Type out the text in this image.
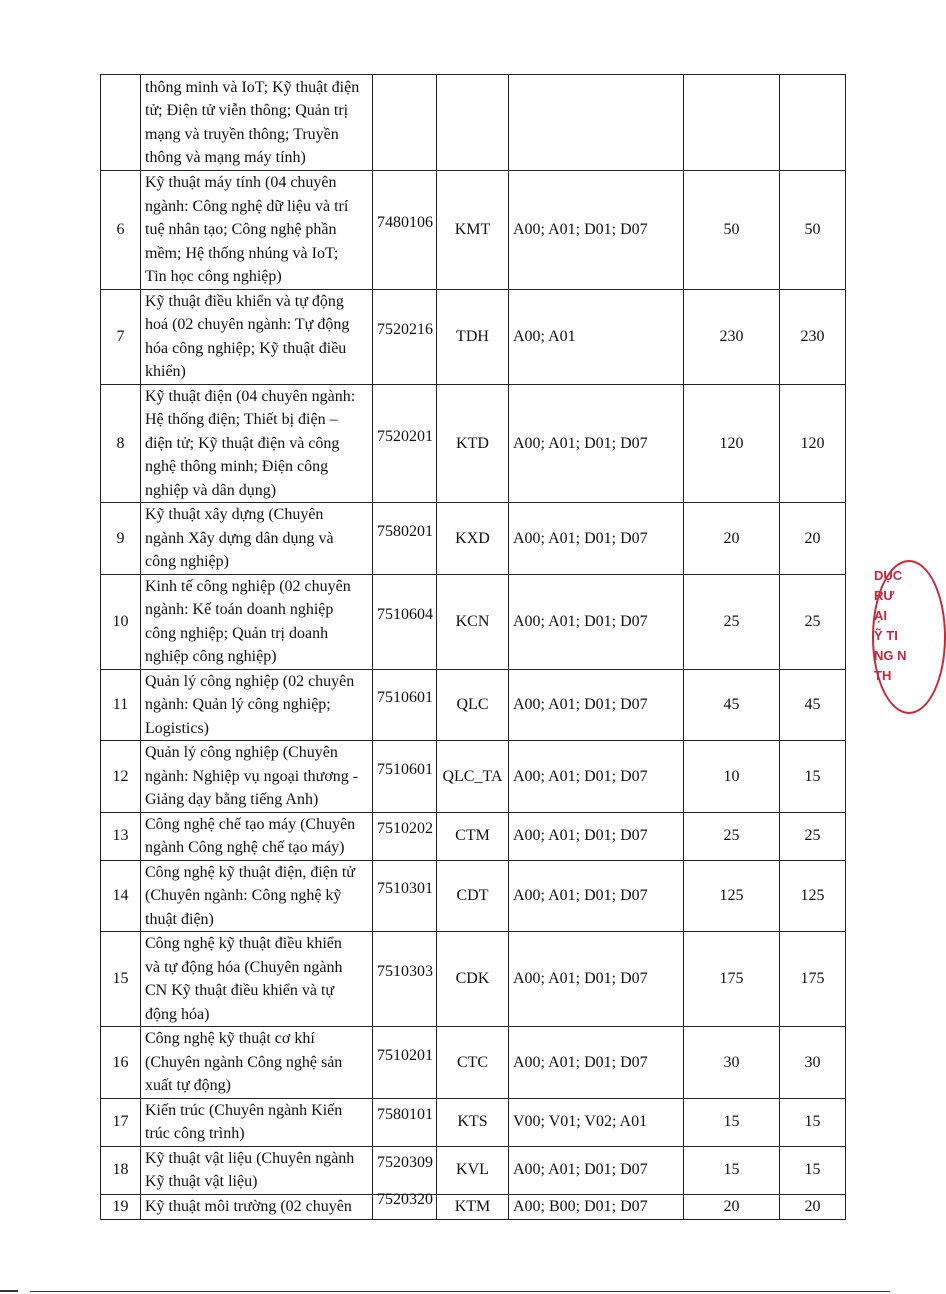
	thông minh và IoT; Kỹ thuật điện
tử; Điện tử viễn thông; Quản trị
mạng và truyền thông; Truyền
thông và mạng máy tính)					

6	Kỹ thuật máy tính (04 chuyên
ngành: Công nghệ dữ liệu và trí
tuệ nhân tạo; Công nghệ phần
mềm; Hệ thống nhúng và IoT;
Tin học công nghiệp)	7480106	KMT	A00; A01; D01; D07	50	50
7	Kỹ thuật điều khiển và tự động
hoá (02 chuyên ngành: Tự động
hóa công nghiệp; Kỹ thuật điều
khiển)	7520216	TDH	A00; A01	230	230
8	Kỹ thuật điện (04 chuyên ngành:
Hệ thống điện; Thiết bị điện –
điện tử; Kỹ thuật điện và công
nghệ thông minh; Điện công
nghiệp và dân dụng)	7520201	KTD	A00; A01; D01; D07	120	120
9	Kỹ thuật xây dựng (Chuyên
ngành Xây dựng dân dụng và
công nghiệp)	7580201	KXD	A00; A01; D01; D07	20	20
10	Kinh tế công nghiệp (02 chuyên
ngành: Kế toán doanh nghiệp
công nghiệp; Quản trị doanh
nghiệp công nghiệp)	7510604	KCN	A00; A01; D01; D07	25	25
11	Quản lý công nghiệp (02 chuyên
ngành: Quản lý công nghiệp;
Logistics)	7510601	QLC	A00; A01; D01; D07	45	45
12	Quản lý công nghiệp (Chuyên
ngành: Nghiệp vụ ngoại thương -
Giảng dạy bằng tiếng Anh)	7510601	QLC_TA	A00; A01; D01; D07	10	15
13	Công nghệ chế tạo máy (Chuyên
ngành Công nghệ chế tạo máy)	7510202	CTM	A00; A01; D01; D07	25	25
14	Công nghệ kỹ thuật điện, điện tử
(Chuyên ngành: Công nghệ kỹ
thuật điện)	7510301	CDT	A00; A01; D01; D07	125	125
15	Công nghệ kỹ thuật điều khiển
và tự động hóa (Chuyên ngành
CN Kỹ thuật điều khiển và tự
động hóa)	7510303	CDK	A00; A01; D01; D07	175	175
16	Công nghệ kỹ thuật cơ khí
(Chuyên ngành Công nghệ sản
xuất tự động)	7510201	CTC	A00; A01; D01; D07	30	30
17	Kiến trúc (Chuyên ngành Kiến
trúc công trình)	7580101	KTS	V00; V01; V02; A01	15	15
18	Kỹ thuật vật liệu (Chuyên ngành
Kỹ thuật vật liệu)	7520309	KVL	A00; A01; D01; D07	15	15
19	Kỹ thuật môi trường (02 chuyên	7520320	KTM	A00; B00; D01; D07	20	20
DỤC
RƯ
ẠI
Ỹ TI
NG N
TH
